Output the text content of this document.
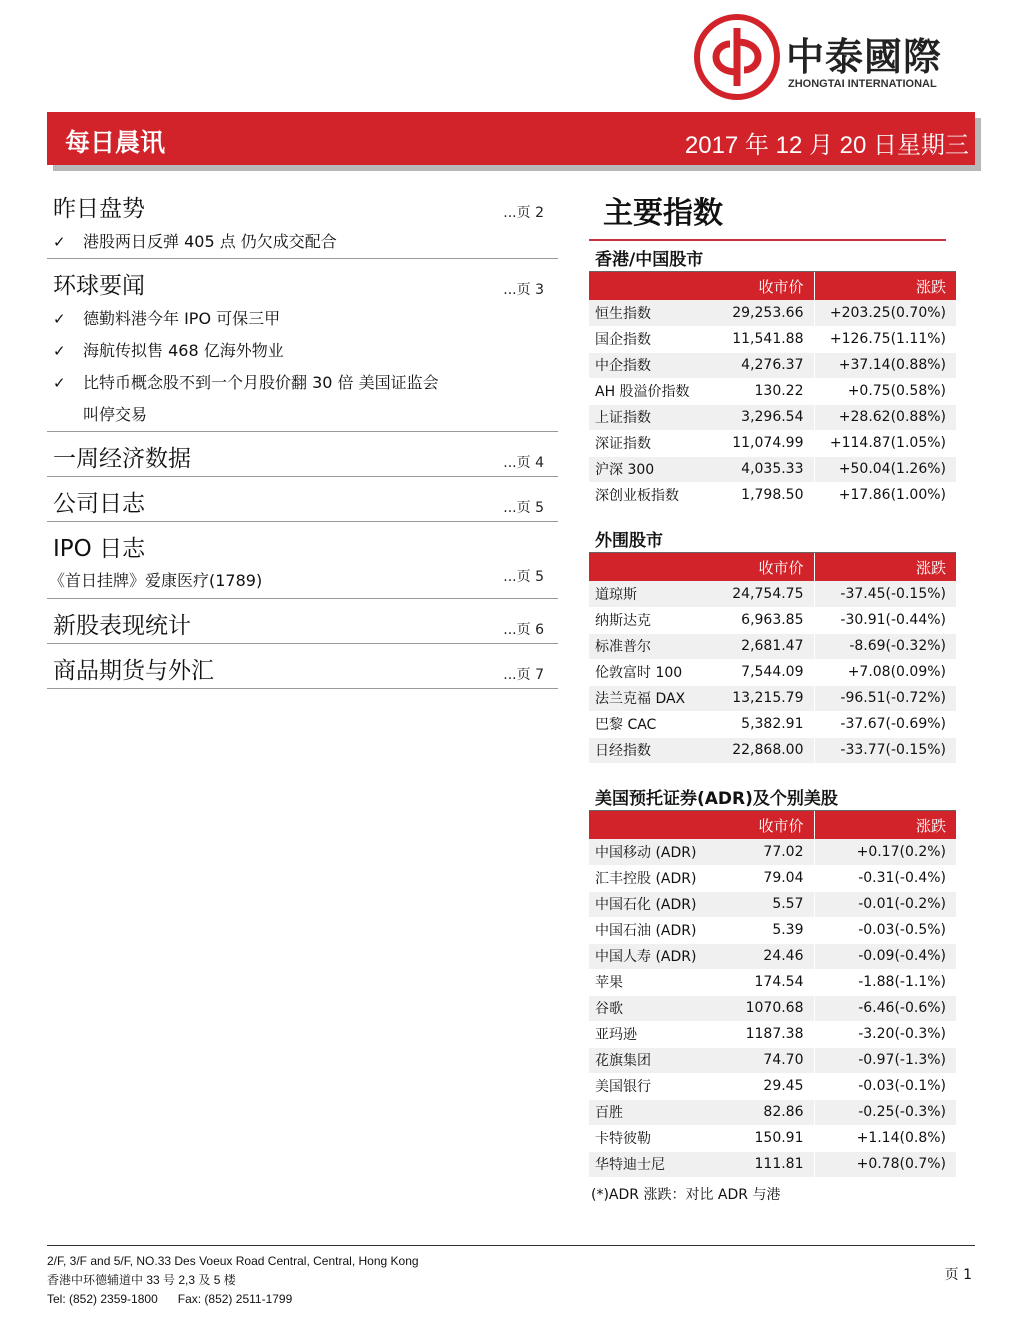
中泰國際
ZHONGTAI INTERNATIONAL
每日晨讯	2017 年 12 月 20 日星期三
昨日盘势	...页 2
✓ 港股两日反弹 405 点 仍欠成交配合
环球要闻	...页 3
✓ 德勤料港今年 IPO 可保三甲
✓ 海航传拟售 468 亿海外物业
✓ 比特币概念股不到一个月股价翻 30 倍 美国证监会
叫停交易
一周经济数据	...页 4
公司日志	...页 5
IPO 日志
《首日挂牌》爱康医疗(1789)	...页 5
新股表现统计	...页 6
商品期货与外汇	...页 7
主要指数
香港/中国股市
	收市价	涨跌
恒生指数	29,253.66	+203.25(0.70%)
国企指数	11,541.88	+126.75(1.11%)
中企指数	4,276.37	+37.14(0.88%)
AH 股溢价指数	130.22	+0.75(0.58%)
上证指数	3,296.54	+28.62(0.88%)
深证指数	11,074.99	+114.87(1.05%)
沪深 300	4,035.33	+50.04(1.26%)
深创业板指数	1,798.50	+17.86(1.00%)
外围股市
	收市价	涨跌
道琼斯	24,754.75	-37.45(-0.15%)
纳斯达克	6,963.85	-30.91(-0.44%)
标准普尔	2,681.47	-8.69(-0.32%)
伦敦富时 100	7,544.09	+7.08(0.09%)
法兰克福 DAX	13,215.79	-96.51(-0.72%)
巴黎 CAC	5,382.91	-37.67(-0.69%)
日经指数	22,868.00	-33.77(-0.15%)
美国预托证券(ADR)及个别美股
	收市价	涨跌
中国移动 (ADR)	77.02	+0.17(0.2%)
汇丰控股 (ADR)	79.04	-0.31(-0.4%)
中国石化 (ADR)	5.57	-0.01(-0.2%)
中国石油 (ADR)	5.39	-0.03(-0.5%)
中国人寿 (ADR)	24.46	-0.09(-0.4%)
苹果	174.54	-1.88(-1.1%)
谷歌	1070.68	-6.46(-0.6%)
亚玛逊	1187.38	-3.20(-0.3%)
花旗集团	74.70	-0.97(-1.3%)
美国银行	29.45	-0.03(-0.1%)
百胜	82.86	-0.25(-0.3%)
卡特彼勒	150.91	+1.14(0.8%)
华特迪士尼	111.81	+0.78(0.7%)
(*)ADR 涨跌：对比 ADR 与港
2/F, 3/F and 5/F, NO.33 Des Voeux Road Central, Central, Hong Kong
香港中环德辅道中 33 号 2,3 及 5 楼
Tel: (852) 2359-1800      Fax: (852) 2511-1799
页 1
